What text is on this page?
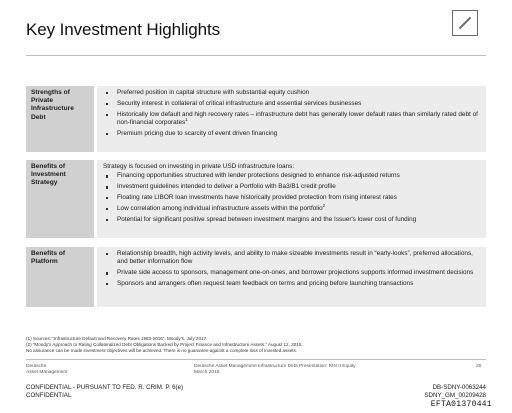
Key Investment Highlights
Strengths of
Private
Infrastructure
Debt
Preferred position in capital structure with substantial equity cushion
Security interest in collateral of critical infrastructure and essential services businesses
Historically low default and high recovery rates – infrastructure debt has generally lower default rates than similarly rated debt of non-financial corporates$^1$
Premium pricing due to scarcity of event driven financing
Benefits of
Investment
Strategy
Strategy is focused on investing in private USD infrastructure loans:
Financing opportunities structured with lender protections designed to enhance risk-adjusted returns
Investment guidelines intended to deliver a Portfolio with Ba3/B1 credit profile
Floating rate LIBOR loan investments have historically provided protection from rising interest rates
Low correlation among individual infrastructure assets within the portfolio$^2$
Potential for significant positive spread between investment margins and the Issuer's lower cost of funding
Benefits of
Platform
Relationship breadth, high activity levels, and ability to make sizeable investments result in “early-looks”, preferred allocations, and better information flow
Private side access to sponsors, management one-on-ones, and borrower projections supports informed investment decisions
Sponsors and arrangers often request team feedback on terms and pricing before launching transactions
(1) Sources: “Infrastructure Default and Recovery Rates 1983-2016”, Moody's, July 2017.
(2) “Moody's Approach to Rating Collateralized Debt Obligations Backed by Project Finance and Infrastructure Assets.” August 12, 2015.
No assurance can be made investment objectives will be achieved. There is no guarantee against a complete loss of invested assets.
Deutsche
Asset Management
Deutsche Asset Management Infrastructure Debt Presentation: RIN II Equity
March 2018
26
CONFIDENTIAL - PURSUANT TO FED. R. CRIM. P. 6(e)
CONFIDENTIAL
DB-SDNY-0063244
SDNY_GM_00209428
EFTA01370441
